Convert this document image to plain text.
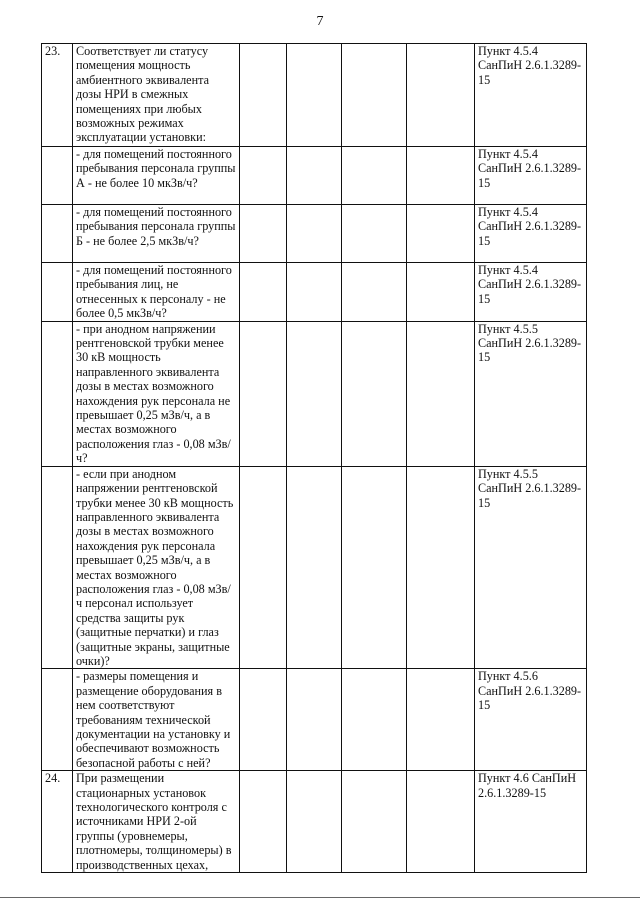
7
23.	Соответствует ли статусу помещения мощность амбиентного эквивалента дозы НРИ в смежных помещениях при любых возможных режимах эксплуатации установки:					Пункт 4.5.4 СанПиН 2.6.1.3289-15
	- для помещений постоянного пребывания персонала группы А - не более 10 мкЗв/ч?					Пункт 4.5.4 СанПиН 2.6.1.3289-15
	- для помещений постоянного пребывания персонала группы Б - не более 2,5 мкЗв/ч?					Пункт 4.5.4 СанПиН 2.6.1.3289-15
	- для помещений постоянного пребывания лиц, не отнесенных к персоналу - не более 0,5 мкЗв/ч?					Пункт 4.5.4 СанПиН 2.6.1.3289-15
	- при анодном напряжении рентгеновской трубки менее 30 кВ мощность направленного эквивалента дозы в местах возможного нахождения рук персонала не превышает 0,25 мЗв/ч, а в местах возможного расположения глаз - 0,08 мЗв/ч?					Пункт 4.5.5 СанПиН 2.6.1.3289-15
	- если при анодном напряжении рентгеновской трубки менее 30 кВ мощность направленного эквивалента дозы в местах возможного нахождения рук персонала превышает 0,25 мЗв/ч, а в местах возможного расположения глаз - 0,08 мЗв/ч персонал использует средства защиты рук (защитные перчатки) и глаз (защитные экраны, защитные очки)?					Пункт 4.5.5 СанПиН 2.6.1.3289-15
	- размеры помещения и размещение оборудования в нем соответствуют требованиям технической документации на установку и обеспечивают возможность безопасной работы с ней?					Пункт 4.5.6 СанПиН 2.6.1.3289-15
24.	При размещении стационарных установок технологического контроля с источниками НРИ 2-ой группы (уровнемеры, плотномеры, толщиномеры) в производственных цехах,					Пункт 4.6 СанПиН 2.6.1.3289-15
